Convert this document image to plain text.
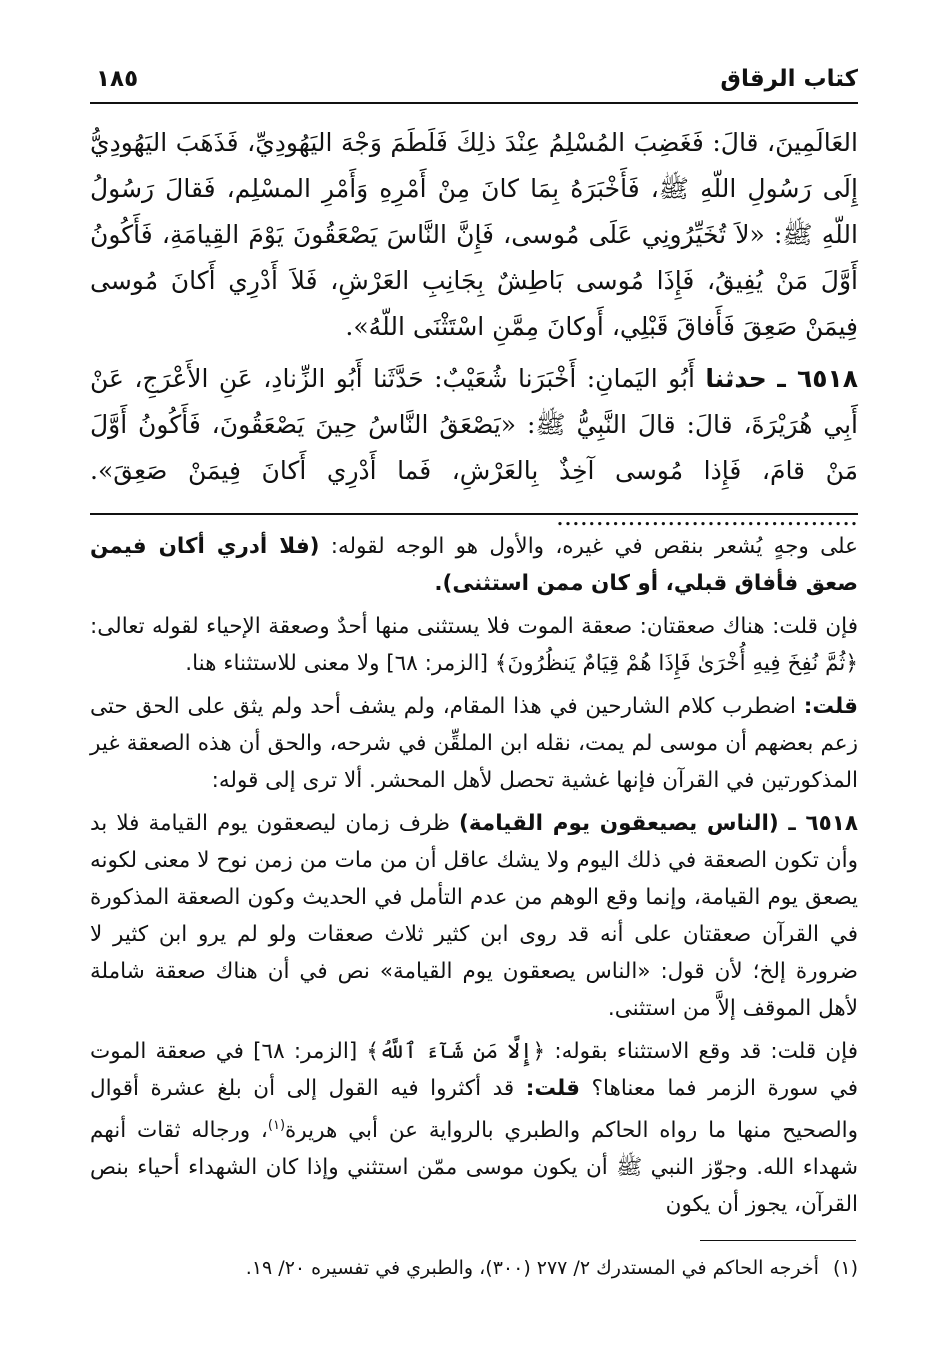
كتاب الرقاق
١٨٥

العَالَمِينَ، قالَ: فَغَضِبَ المُسْلِمُ عِنْدَ ذلِكَ فَلَطَمَ وَجْهَ اليَهُودِيِّ، فَذَهَبَ اليَهُودِيُّ إِلَى رَسُولِ اللّهِ ﷺ، فَأَخْبَرَهُ بِمَا كانَ مِنْ أَمْرِهِ وَأَمْرِ المسْلِم، فَقالَ رَسُولُ اللّهِ ﷺ: «لاَ تُخَيِّرُونِي عَلَى مُوسى، فَإِنَّ النَّاسَ يَصْعَقُونَ يَوْمَ القِيامَةِ، فَأَكُونُ أَوَّلَ مَنْ يُفِيقُ، فَإِذَا مُوسى بَاطِشٌ بِجَانِبِ العَرْشِ، فَلاَ أَدْرِي أَكانَ مُوسى فِيمَنْ صَعِقَ فَأَفاقَ قَبْلِي، أَوكانَ مِمَّنِ اسْتَثْنَى اللّهُ».

٦٥١٨ ـ حدثنا أَبُو اليَمانِ: أَخْبَرَنا شُعَيْبٌ: حَدَّثَنا أَبُو الزِّنادِ، عَنِ الأَعْرَجِ، عَنْ أَبِي هُرَيْرَةَ، قالَ: قالَ النَّبِيُّ ﷺ: «يَصْعَقُ النَّاسُ حِينَ يَصْعَقُونَ، فَأَكُونُ أَوَّلَ مَنْ قامَ، فَإِذا مُوسى آخِذٌ بِالعَرْشِ، فَما أَدْرِي أَكانَ فِيمَنْ صَعِقَ». ......................................

على وجهٍ يُشعر بنقص في غيره، والأول هو الوجه لقوله: (فلا أدري أكان فيمن صعق فأفاق قبلي، أو كان ممن استثنى).

فإن قلت: هناك صعقتان: صعقة الموت فلا يستثنى منها أحدٌ وصعقة الإحياء لقوله تعالى: ﴿ثُمَّ نُفِخَ فِيهِ أُخْرَىٰ فَإِذَا هُمْ قِيَامٌ يَنظُرُونَ﴾ [الزمر: ٦٨] ولا معنى للاستثناء هنا.

قلت: اضطرب كلام الشارحين في هذا المقام، ولم يشف أحد ولم يثق على الحق حتى زعم بعضهم أن موسى لم يمت، نقله ابن الملقِّن في شرحه، والحق أن هذه الصعقة غير المذكورتين في القرآن فإنها غشية تحصل لأهل المحشر. ألا ترى إلى قوله:

٦٥١٨ ـ (الناس يصيعقون يوم القيامة) ظرف زمان ليصعقون يوم القيامة فلا بد وأن تكون الصعقة في ذلك اليوم ولا يشك عاقل أن من مات من زمن نوح لا معنى لكونه يصعق يوم القيامة، وإنما وقع الوهم من عدم التأمل في الحديث وكون الصعقة المذكورة في القرآن صعقتان على أنه قد روى ابن كثير ثلاث صعقات ولو لم يرو ابن كثير لا ضرورة إلخ؛ لأن قول: «الناس يصعقون يوم القيامة» نص في أن هناك صعقة شاملة لأهل الموقف إلاَّ من استثنى.

فإن قلت: قد وقع الاستثناء بقوله: ﴿إِلَّا مَن شَآءَ ٱللَّهُ﴾ [الزمر: ٦٨] في صعقة الموت في سورة الزمر فما معناها؟ قلت: قد أكثروا فيه القول إلى أن بلغ عشرة أقوال والصحيح منها ما رواه الحاكم والطبري بالرواية عن أبي هريرة$^{(١)}$، ورجاله ثقات أنهم شهداء الله. وجوّز النبي ﷺ أن يكون موسى ممّن استثني وإذا كان الشهداء أحياء بنص القرآن، يجوز أن يكون

(١)أخرجه الحاكم في المستدرك ٢/ ٢٧٧ (٣٠٠)، والطبري في تفسيره ٢٠/ ١٩.
